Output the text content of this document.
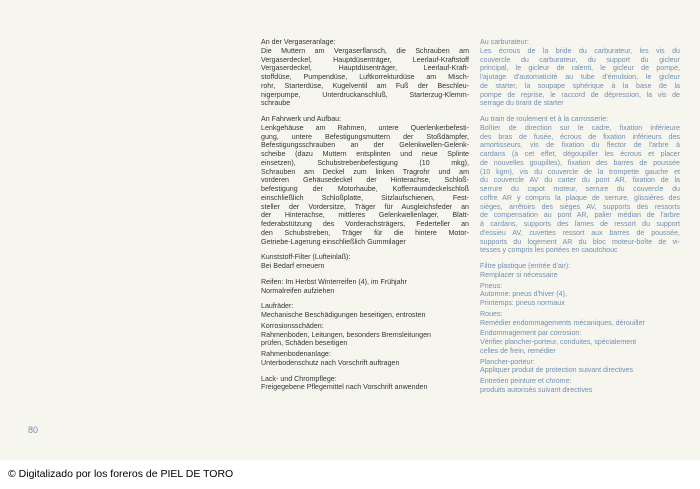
An der Vergaseranlage:
Die Muttern am Vergaserflansch, die Schrauben am
Vergaserdeckel, Hauptdüsenträger, Leerlauf-Kraftstoff
Vergaserdeckel, Hauptdüsenträger, Leerlauf-Kraft-
stoffdüse, Pumpendüse, Luftkorrekturdüse am Misch-
rohr, Starterdüse, Kugelventil am Fuß der Beschleu-
nigerpumpe, Unterdruckanschluß, Starterzug-Klemm-
schraube
An Fahrwerk und Aufbau:
Lenkgehäuse am Rahmen, untere Querlenkerbefesti-
gung, untere Befestigungsmuttern der Stoßdämpfer,
Befestigungsschrauben an der Gelenkwellen-Gelenk-
scheibe (dazu Muttern entsplinten und neue Splinte
einsetzen), Schubstrebenbefestigung (10 mkg),
Schrauben am Deckel zum linken Tragrohr und am
vorderen Gehäusedeckel der Hinterachse, Schloß-
befestigung der Motorhaube, Kofferraumdeckelschloß
einschließlich Schloßplatte, Sitzlaufschienen, Fest-
steller der Vordersitze, Träger für Ausgleichsfeder an
der Hinterachse, mittleres Gelenkwellenlager, Blatt-
federabstützung des Vorderachsträgers, Federteller an
den Schubstreben, Träger für die hintere Motor-
Getriebe-Lagerung einschließlich Gummilager
Kunststoff-Filter (Lufteinlaß):
Bei Bedarf erneuern
Reifen: Im Herbst Winterreifen (4), im Frühjahr
Normalreifen aufziehen
Laufräder:
Mechanische Beschädigungen beseitigen, entrosten
Korrosionsschäden:
Rahmenboden, Leitungen, besonders Bremsleitungen
prüfen, Schäden beseitigen
Rahmenbodenanlage:
Unterbodenschutz nach Vorschrift auftragen
Lack- und Chrompflege:
Freigegebene Pflegemittel nach Vorschrift anwenden
Au carburateur:
Les écrous de la bride du carburateur, les vis du
couvercle du carburateur, du support du gicleur
principal, le gicleur de ralenti, le gicleur de pompe,
l'ajutage d'automaticité au tube d'émulsion, le gicleur
de starter, la soupape sphérique à la base de la
pompe de reprise, le raccord de dépression, la vis de
serrage du tirant de starter
Au train de roulement et à la carrosserie:
Boîtier de direction sur le cadre, fixation inférieure
des bras de fusée, écrous de fixation inférieurs des
amortisseurs, vis de fixation du flector de l'arbre à
cardans (à cet effet, dégoupiller les écrous et placer
de nouvelles goupilles), fixation des barres de poussée
(10 kgm), vis du couvercle de la trompette gauche et
du couvercle AV du carter du pont AR, fixation de la
serrure du capot moteur, serrure du couvercle du
coffre AR y compris la plaque de serrure, glissières des
sièges, arrêtoirs des sièges AV, supports des ressorts
de compensation au pont AR, palier médian de l'arbre
à cardans, supports des lames de ressort du support
d'essieu AV, cuvettes ressort aux barres de poussée,
supports du logement AR du bloc moteur-boîte de vi-
tesses y compris les portées en caoutchouc
Filtre plastique (entrée d'air):
Remplacer si nécessaire
Pneus:
Automne: pneus d'hiver (4),
Printemps: pneus normaux
Roues:
Remédier endommagements mécaniques, dérouiller
Endommagement par corrosion:
Vérifier plancher-porteur, conduites, spécialement
celles de frein, remédier
Plancher-porteur:
Appliquer produit de protection suivant directives
Entretien peinture et chrome:
produits autorisés suivant directives
80
© Digitalizado por los foreros de PIEL DE TORO
